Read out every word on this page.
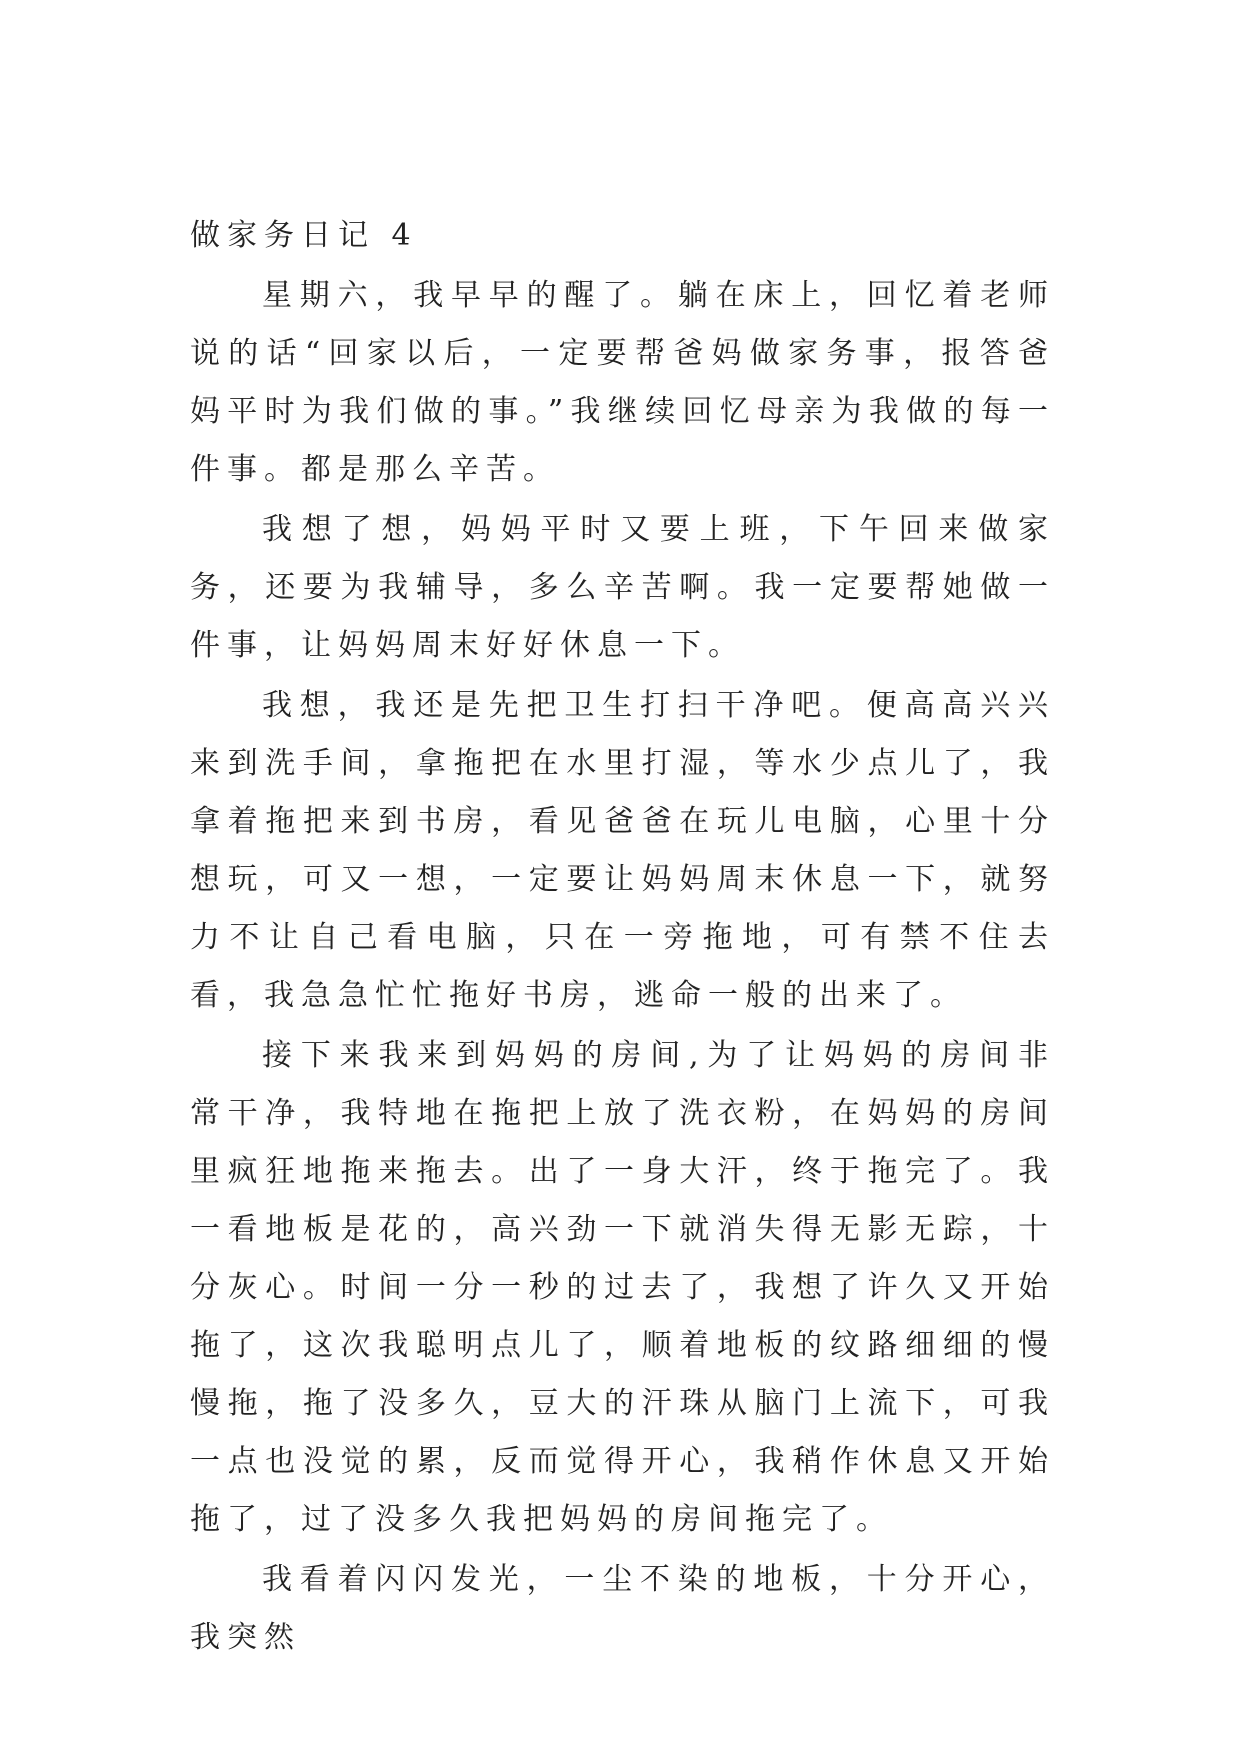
做家务日记 4

星期六，我早早的醒了。躺在床上，回忆着老师说的话“回家以后，一定要帮爸妈做家务事，报答爸妈平时为我们做的事。”我继续回忆母亲为我做的每一件事。都是那么辛苦。

我想了想，妈妈平时又要上班，下午回来做家务，还要为我辅导，多么辛苦啊。我一定要帮她做一件事，让妈妈周末好好休息一下。

我想，我还是先把卫生打扫干净吧。便高高兴兴来到洗手间，拿拖把在水里打湿，等水少点儿了，我拿着拖把来到书房，看见爸爸在玩儿电脑，心里十分想玩，可又一想，一定要让妈妈周末休息一下，就努力不让自己看电脑，只在一旁拖地，可有禁不住去看，我急急忙忙拖好书房，逃命一般的出来了。

接下来我来到妈妈的房间,为了让妈妈的房间非常干净，我特地在拖把上放了洗衣粉，在妈妈的房间里疯狂地拖来拖去。出了一身大汗，终于拖完了。我一看地板是花的，高兴劲一下就消失得无影无踪，十分灰心。时间一分一秒的过去了，我想了许久又开始拖了，这次我聪明点儿了，顺着地板的纹路细细的慢慢拖，拖了没多久，豆大的汗珠从脑门上流下，可我一点也没觉的累，反而觉得开心，我稍作休息又开始拖了，过了没多久我把妈妈的房间拖完了。

我看着闪闪发光，一尘不染的地板，十分开心，我突然
